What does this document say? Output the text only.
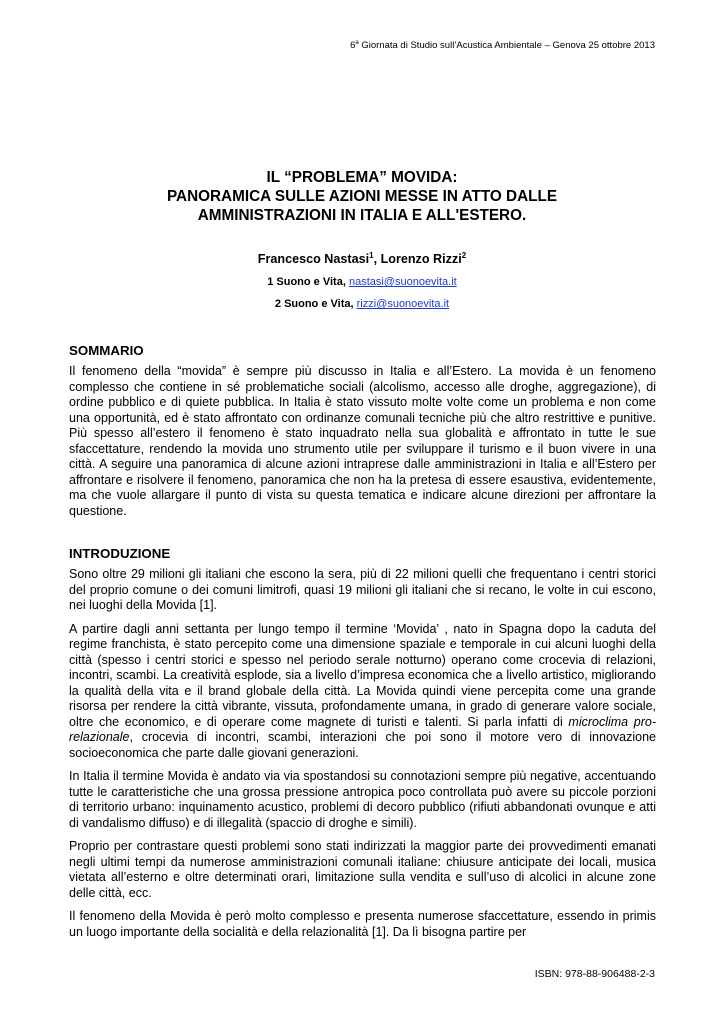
6$^a$ Giornata di Studio sull’Acustica Ambientale – Genova 25 ottobre 2013
IL “PROBLEMA” MOVIDA:
PANORAMICA SULLE AZIONI MESSE IN ATTO DALLE
AMMINISTRAZIONI IN ITALIA E ALL'ESTERO.
Francesco Nastasi$^1$, Lorenzo Rizzi$^2$
1 Suono e Vita, nastasi@suonoevita.it
2 Suono e Vita, rizzi@suonoevita.it
SOMMARIO

Il fenomeno della “movida” è sempre più discusso in Italia e all’Estero. La movida è un fenomeno complesso che contiene in sé problematiche sociali (alcolismo, accesso alle droghe, aggregazione), di ordine pubblico e di quiete pubblica. In Italia è stato vissuto molte volte come un problema e non come una opportunità, ed è stato affrontato con ordinanze comunali tecniche più che altro restrittive e punitive. Più spesso all’estero il fenomeno è stato inquadrato nella sua globalità e affrontato in tutte le sue sfaccettature, rendendo la movida uno strumento utile per sviluppare il turismo e il buon vivere in una città. A seguire una panoramica di alcune azioni intraprese dalle amministrazioni in Italia e all’Estero per affrontare e risolvere il fenomeno, panoramica che non ha la pretesa di essere esaustiva, evidentemente, ma che vuole allargare il punto di vista su questa tematica e indicare alcune direzioni per affrontare la questione.

INTRODUZIONE

Sono oltre 29 milioni gli italiani che escono la sera, più di 22 milioni quelli che frequentano i centri storici del proprio comune o dei comuni limitrofi, quasi 19 milioni gli italiani che si recano, le volte in cui escono, nei luoghi della Movida [1].

A partire dagli anni settanta per lungo tempo il termine ‘Movida’ , nato in Spagna dopo la caduta del regime franchista, è stato percepito come una dimensione spaziale e temporale in cui alcuni luoghi della città (spesso i centri storici e spesso nel periodo serale notturno) operano come crocevia di relazioni, incontri, scambi. La creatività esplode, sia a livello d’impresa economica che a livello artistico, migliorando la qualità della vita e il brand globale della città. La Movida quindi viene percepita come una grande risorsa per rendere la città vibrante, vissuta, profondamente umana, in grado di generare valore sociale, oltre che economico, e di operare come magnete di turisti e talenti. Si parla infatti di microclima pro-relazionale, crocevia di incontri, scambi, interazioni che poi sono il motore vero di innovazione socioeconomica che parte dalle giovani generazioni.

In Italia il termine Movida è andato via via spostandosi su connotazioni sempre più negative, accentuando tutte le caratteristiche che una grossa pressione antropica poco controllata può avere su piccole porzioni di territorio urbano: inquinamento acustico, problemi di decoro pubblico (rifiuti abbandonati ovunque e atti di vandalismo diffuso) e di illegalità (spaccio di droghe e simili).

Proprio per contrastare questi problemi sono stati indirizzati la maggior parte dei provvedimenti emanati negli ultimi tempi da numerose amministrazioni comunali italiane: chiusure anticipate dei locali, musica vietata all’esterno e oltre determinati orari, limitazione sulla vendita e sull’uso di alcolici in alcune zone delle città, ecc.

Il fenomeno della Movida è però molto complesso e presenta numerose sfaccettature, essendo in primis un luogo importante della socialità e della relazionalità [1]. Da lì bisogna partire per

ISBN: 978-88-906488-2-3
